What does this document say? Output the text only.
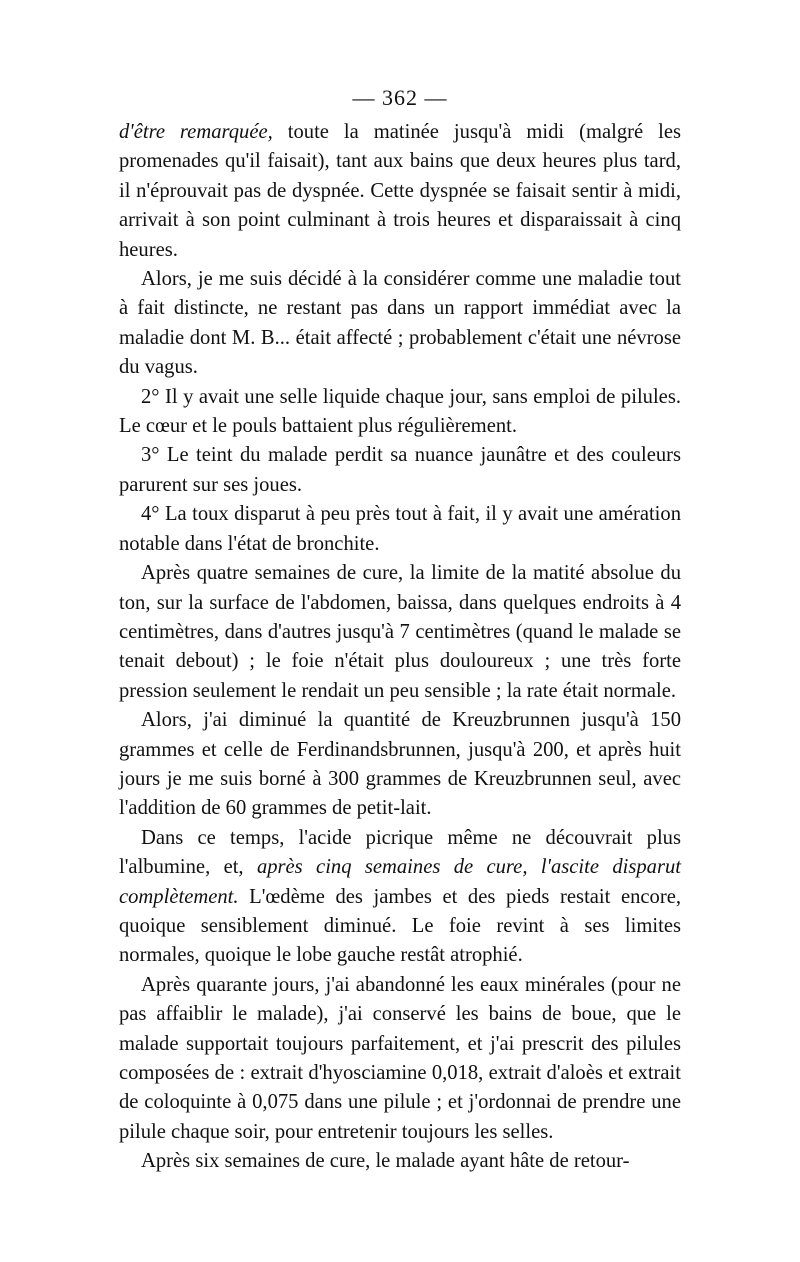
— 362 —

d'être remarquée, toute la matinée jusqu'à midi (malgré les promenades qu'il faisait), tant aux bains que deux heures plus tard, il n'éprouvait pas de dyspnée. Cette dyspnée se faisait sentir à midi, arrivait à son point culminant à trois heures et disparaissait à cinq heures.

Alors, je me suis décidé à la considérer comme une maladie tout à fait distincte, ne restant pas dans un rapport immédiat avec la maladie dont M. B... était affecté ; probablement c'était une névrose du vagus.

2° Il y avait une selle liquide chaque jour, sans emploi de pilules. Le cœur et le pouls battaient plus régulièrement.

3° Le teint du malade perdit sa nuance jaunâtre et des couleurs parurent sur ses joues.

4° La toux disparut à peu près tout à fait, il y avait une amération notable dans l'état de bronchite.

Après quatre semaines de cure, la limite de la matité absolue du ton, sur la surface de l'abdomen, baissa, dans quelques endroits à 4 centimètres, dans d'autres jusqu'à 7 centimètres (quand le malade se tenait debout) ; le foie n'était plus douloureux ; une très forte pression seulement le rendait un peu sensible ; la rate était normale.

Alors, j'ai diminué la quantité de Kreuzbrunnen jusqu'à 150 grammes et celle de Ferdinandsbrunnen, jusqu'à 200, et après huit jours je me suis borné à 300 grammes de Kreuzbrunnen seul, avec l'addition de 60 grammes de petit-lait.

Dans ce temps, l'acide picrique même ne découvrait plus l'albumine, et, après cinq semaines de cure, l'ascite disparut complètement. L'œdème des jambes et des pieds restait encore, quoique sensiblement diminué. Le foie revint à ses limites normales, quoique le lobe gauche restât atrophié.

Après quarante jours, j'ai abandonné les eaux minérales (pour ne pas affaiblir le malade), j'ai conservé les bains de boue, que le malade supportait toujours parfaitement, et j'ai prescrit des pilules composées de : extrait d'hyosciamine 0,018, extrait d'aloès et extrait de coloquinte à 0,075 dans une pilule ; et j'ordonnai de prendre une pilule chaque soir, pour entretenir toujours les selles.

Après six semaines de cure, le malade ayant hâte de retour-
